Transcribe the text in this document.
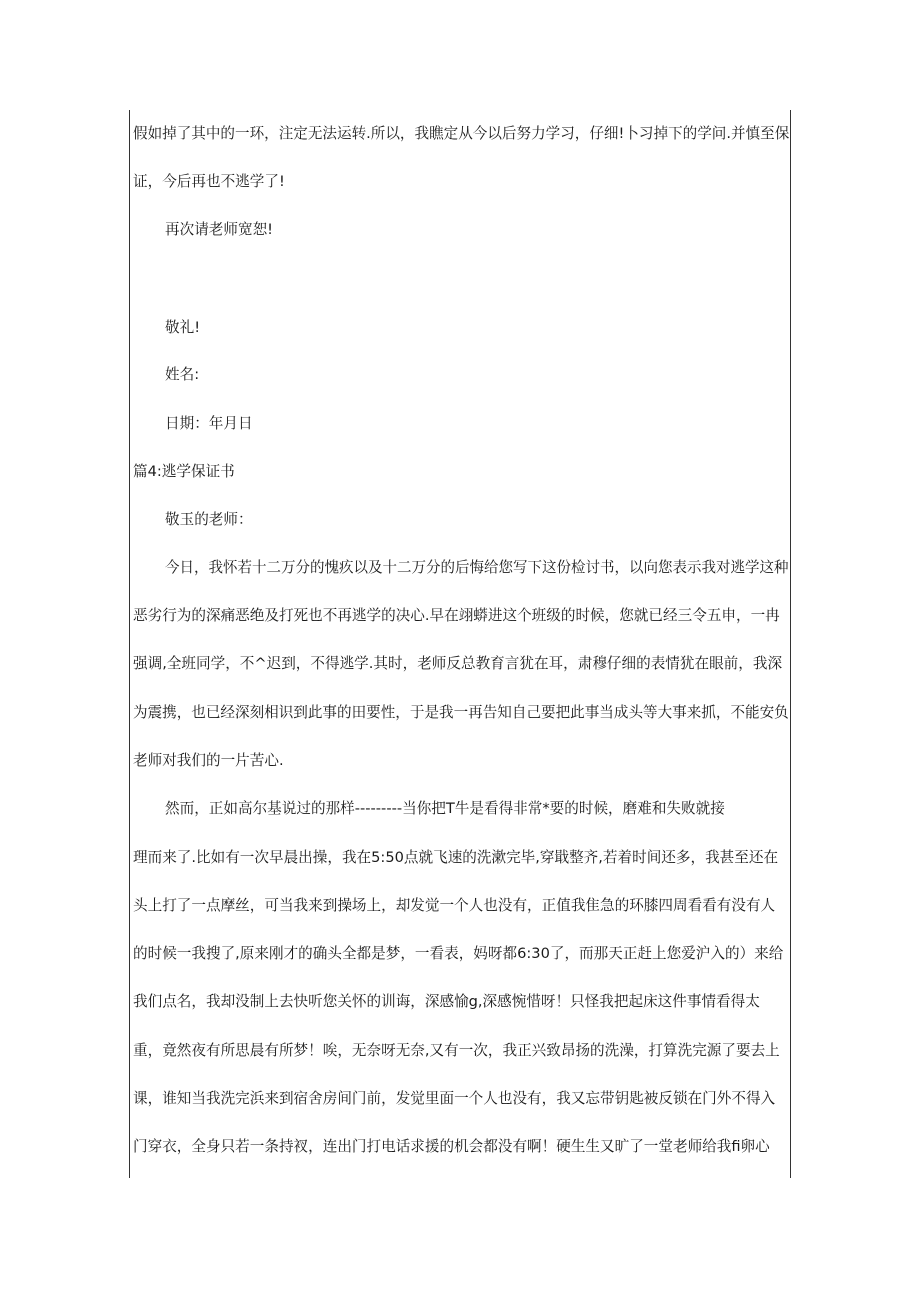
假如掉了其中的一环，注定无法运转.所以，我瞧定从今以后努力学习，仔细!卜习掉下的学问.并慎至保
证，今后再也不逃学了!
再次请老师宽恕!
敬礼!
姓名:
日期：年月日
篇4:逃学保证书
敬玉的老师：
今日，我怀若十二万分的愧疚以及十二万分的后悔给您写下这份检讨书，以向您表示我对逃学这种
恶劣行为的深痛恶绝及打死也不再逃学的决心.早在翊蟒进这个班级的时候，您就已经三令五申，一冉
强调,全班同学，不^迟到，不得逃学.其时，老师反总教育言犹在耳，肃穆仔细的表情犹在眼前，我深
为震携，也已经深刻相识到此事的田要性，于是我一再告知自己要把此事当成头等大事来抓，不能安负
老师对我们的一片苦心.
然而，正如高尔基说过的那样---------当你把T牛是看得非常*要的时候，磨难和失败就接
理而来了.比如有一次早晨出操，我在5:50点就飞速的洗漱完毕,穿戢整齐,若着时间还多，我甚至还在
头上打了一点摩丝，可当我来到操场上，却发觉一个人也没有，正值我隹急的环膝四周看看有没有人
的时候一我搜了,原来刚才的确头全都是梦，一看表，妈呀都6:30了，而那天正赶上您爱沪入的）来给
我们点名，我却没制上去快听您关怀的训诲，深感愉g,深感惋惜呀！只怪我把起床这件事情看得太
重，竟然夜有所思晨有所梦！唉，无奈呀无奈,又有一次，我正兴致昂扬的洗澡，打算洗完源了要去上
课，谁知当我洗完浜来到宿舍房间门前，发觉里面一个人也没有，我又忘带钥匙被反锁在门外不得入
门穿衣，全身只若一条持衩，连出门打电话求援的机会都没有啊！硬生生又旷了一堂老师给我fi卵心
